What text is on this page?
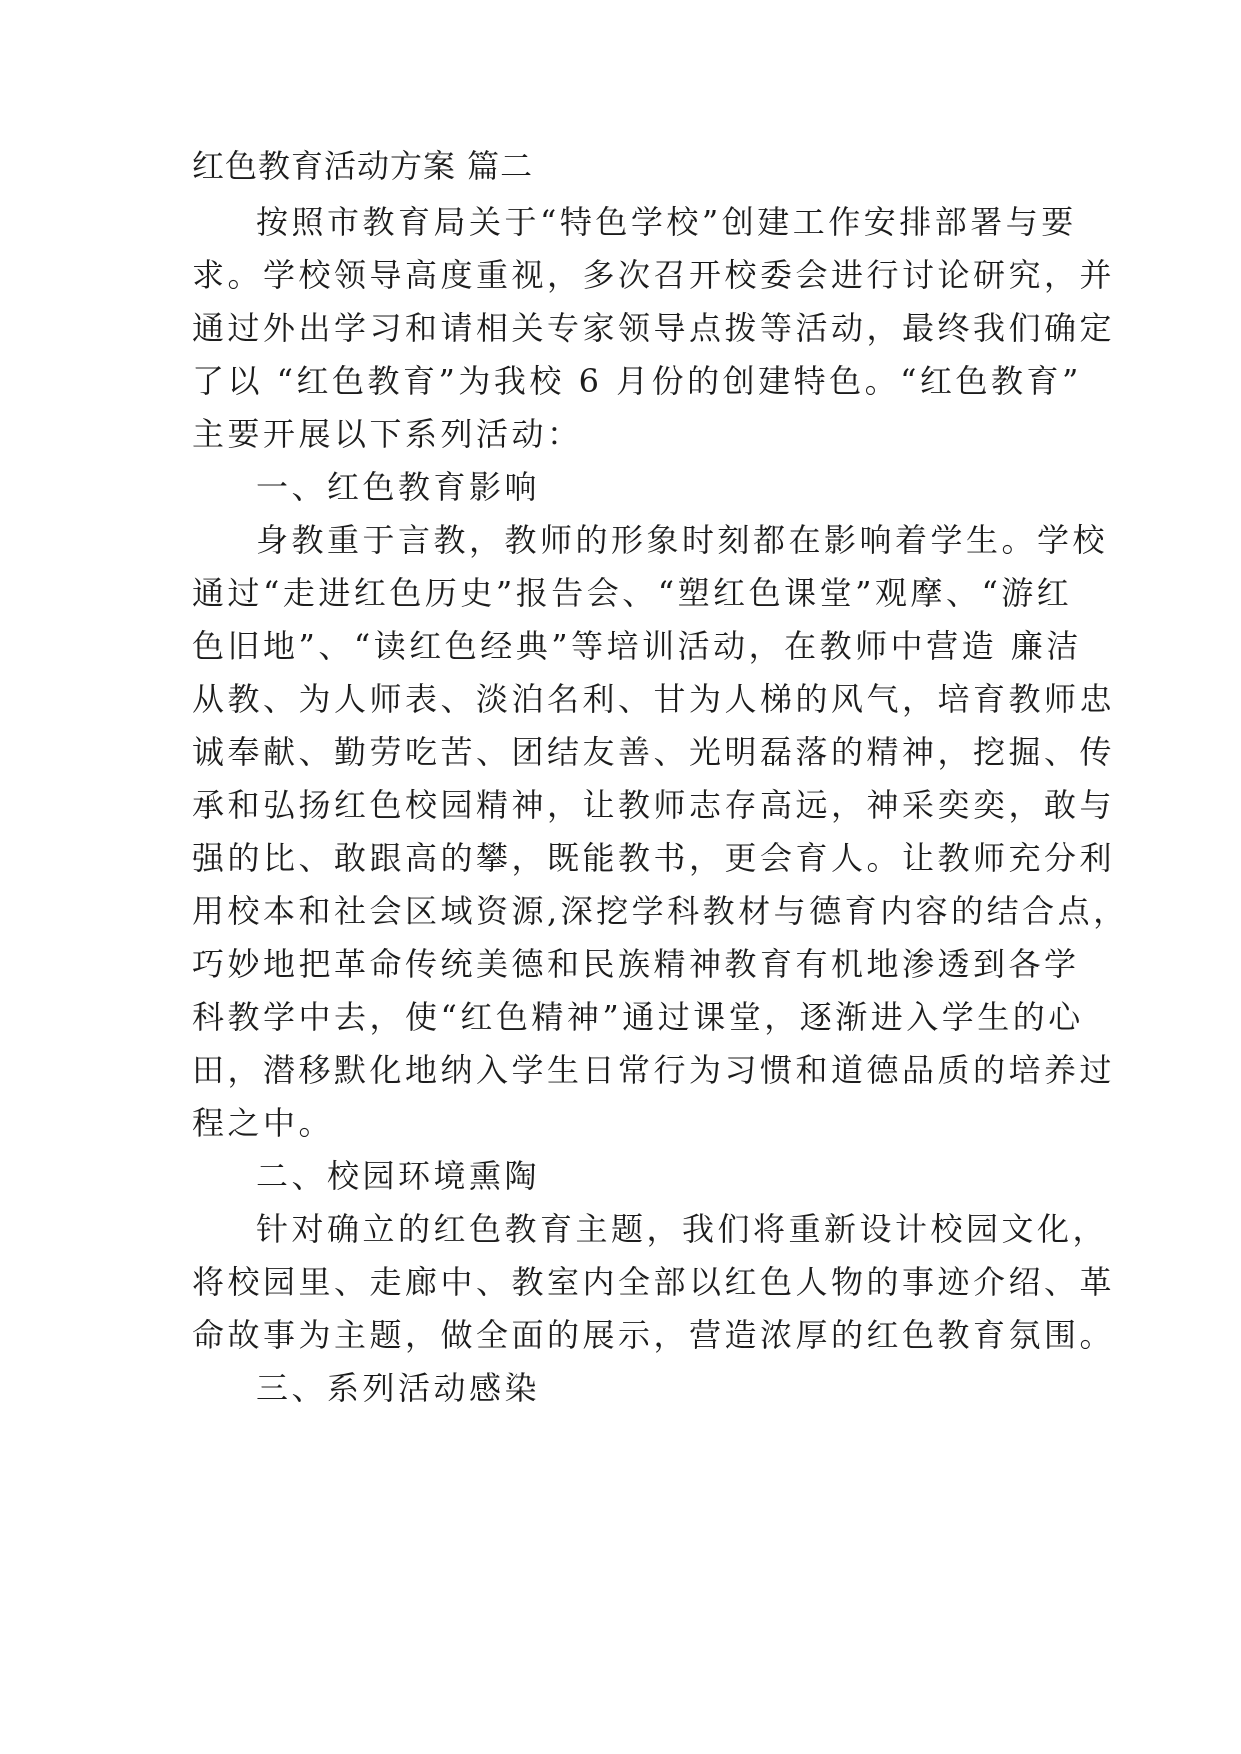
红色教育活动方案 篇二
按照市教育局关于“特色学校”创建工作安排部署与要
求。学校领导高度重视，多次召开校委会进行讨论研究，并
通过外出学习和请相关专家领导点拨等活动，最终我们确定
了以 “红色教育”为我校 6 月份的创建特色。“红色教育”
主要开展以下系列活动：
一、红色教育影响
身教重于言教，教师的形象时刻都在影响着学生。学校
通过“走进红色历史”报告会、“塑红色课堂”观摩、“游红
色旧地”、“读红色经典”等培训活动，在教师中营造 廉洁
从教、为人师表、淡泊名利、甘为人梯的风气，培育教师忠
诚奉献、勤劳吃苦、团结友善、光明磊落的精神，挖掘、传
承和弘扬红色校园精神，让教师志存高远，神采奕奕，敢与
强的比、敢跟高的攀，既能教书，更会育人。让教师充分利
用校本和社会区域资源,深挖学科教材与德育内容的结合点，
巧妙地把革命传统美德和民族精神教育有机地渗透到各学
科教学中去，使“红色精神”通过课堂，逐渐进入学生的心
田，潜移默化地纳入学生日常行为习惯和道德品质的培养过
程之中。
二、校园环境熏陶
针对确立的红色教育主题，我们将重新设计校园文化，
将校园里、走廊中、教室内全部以红色人物的事迹介绍、革
命故事为主题，做全面的展示，营造浓厚的红色教育氛围。
三、系列活动感染
